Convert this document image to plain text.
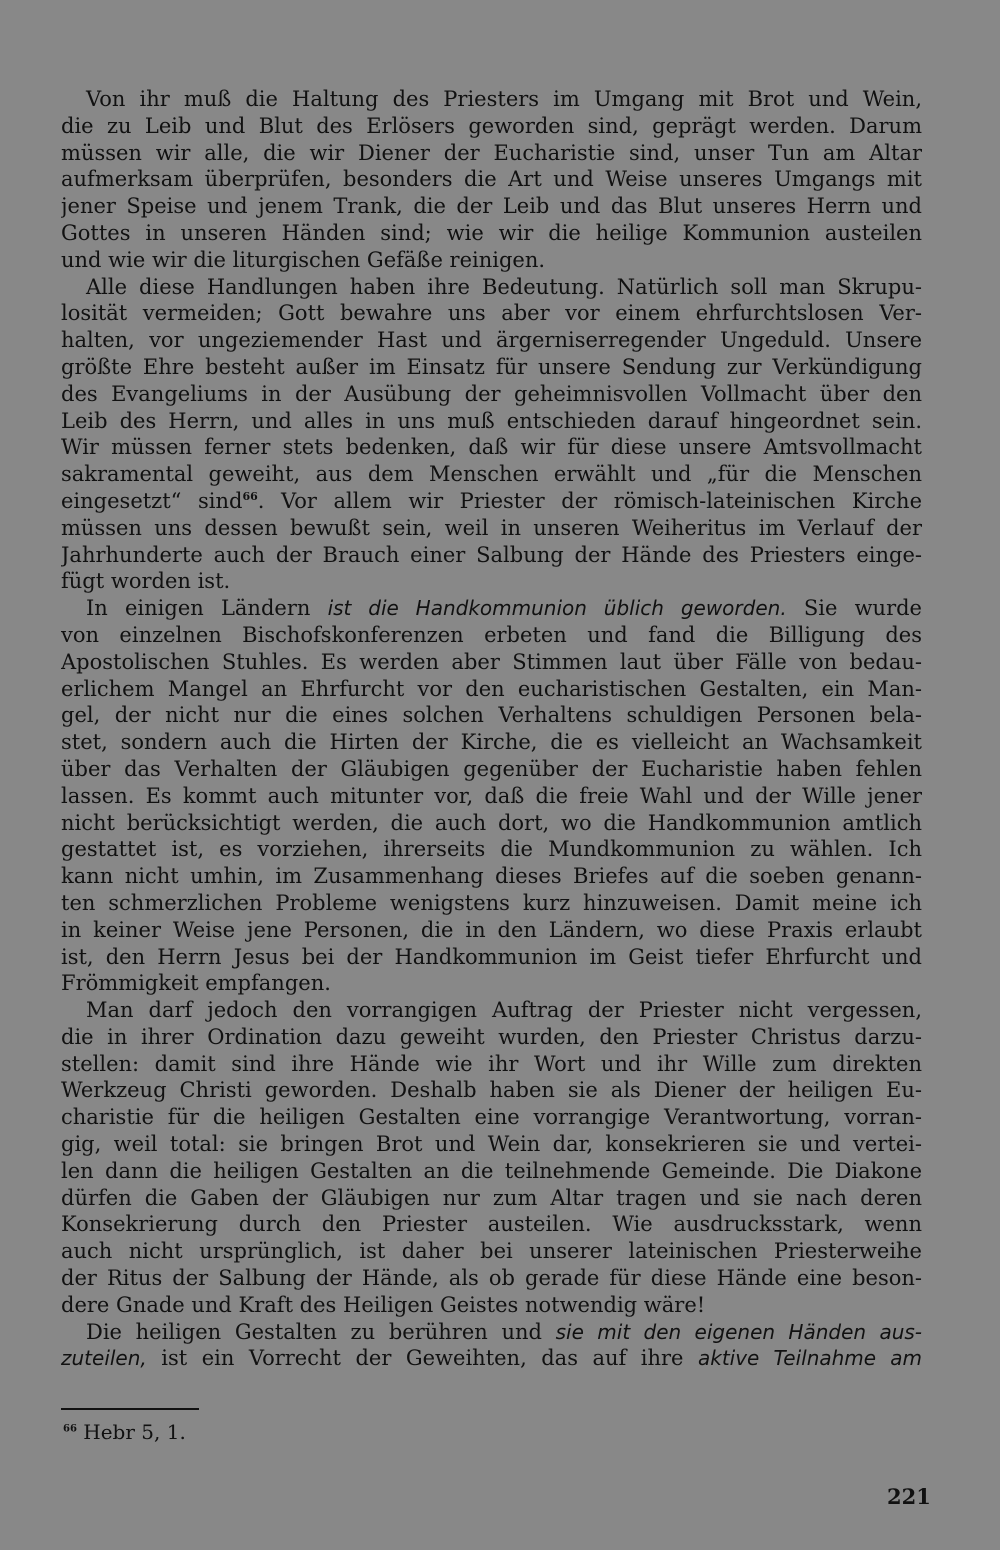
Von ihr muß die Haltung des Priesters im Umgang mit Brot und Wein,
die zu Leib und Blut des Erlösers geworden sind, geprägt werden. Darum
müssen wir alle, die wir Diener der Eucharistie sind, unser Tun am Altar
aufmerksam überprüfen, besonders die Art und Weise unseres Umgangs mit
jener Speise und jenem Trank, die der Leib und das Blut unseres Herrn und
Gottes in unseren Händen sind; wie wir die heilige Kommunion austeilen
und wie wir die liturgischen Gefäße reinigen.

Alle diese Handlungen haben ihre Bedeutung. Natürlich soll man Skrupu-
losität vermeiden; Gott bewahre uns aber vor einem ehrfurchtslosen Ver-
halten, vor ungeziemender Hast und ärgerniserregender Ungeduld. Unsere
größte Ehre besteht außer im Einsatz für unsere Sendung zur Verkündigung
des Evangeliums in der Ausübung der geheimnisvollen Vollmacht über den
Leib des Herrn, und alles in uns muß entschieden darauf hingeordnet sein.
Wir müssen ferner stets bedenken, daß wir für diese unsere Amtsvollmacht
sakramental geweiht, aus dem Menschen erwählt und „für die Menschen
eingesetzt“ sind$^{66}$. Vor allem wir Priester der römisch-lateinischen Kirche
müssen uns dessen bewußt sein, weil in unseren Weiheritus im Verlauf der
Jahrhunderte auch der Brauch einer Salbung der Hände des Priesters einge-
fügt worden ist.

In einigen Ländern ist die Handkommunion üblich geworden. Sie wurde
von einzelnen Bischofskonferenzen erbeten und fand die Billigung des
Apostolischen Stuhles. Es werden aber Stimmen laut über Fälle von bedau-
erlichem Mangel an Ehrfurcht vor den eucharistischen Gestalten, ein Man-
gel, der nicht nur die eines solchen Verhaltens schuldigen Personen bela-
stet, sondern auch die Hirten der Kirche, die es vielleicht an Wachsamkeit
über das Verhalten der Gläubigen gegenüber der Eucharistie haben fehlen
lassen. Es kommt auch mitunter vor, daß die freie Wahl und der Wille jener
nicht berücksichtigt werden, die auch dort, wo die Handkommunion amtlich
gestattet ist, es vorziehen, ihrerseits die Mundkommunion zu wählen. Ich
kann nicht umhin, im Zusammenhang dieses Briefes auf die soeben genann-
ten schmerzlichen Probleme wenigstens kurz hinzuweisen. Damit meine ich
in keiner Weise jene Personen, die in den Ländern, wo diese Praxis erlaubt
ist, den Herrn Jesus bei der Handkommunion im Geist tiefer Ehrfurcht und
Frömmigkeit empfangen.

Man darf jedoch den vorrangigen Auftrag der Priester nicht vergessen,
die in ihrer Ordination dazu geweiht wurden, den Priester Christus darzu-
stellen: damit sind ihre Hände wie ihr Wort und ihr Wille zum direkten
Werkzeug Christi geworden. Deshalb haben sie als Diener der heiligen Eu-
charistie für die heiligen Gestalten eine vorrangige Verantwortung, vorran-
gig, weil total: sie bringen Brot und Wein dar, konsekrieren sie und vertei-
len dann die heiligen Gestalten an die teilnehmende Gemeinde. Die Diakone
dürfen die Gaben der Gläubigen nur zum Altar tragen und sie nach deren
Konsekrierung durch den Priester austeilen. Wie ausdrucksstark, wenn
auch nicht ursprünglich, ist daher bei unserer lateinischen Priesterweihe
der Ritus der Salbung der Hände, als ob gerade für diese Hände eine beson-
dere Gnade und Kraft des Heiligen Geistes notwendig wäre!

Die heiligen Gestalten zu berühren und sie mit den eigenen Händen aus-
zuteilen, ist ein Vorrecht der Geweihten, das auf ihre aktive Teilnahme am

$^{66}$ Hebr 5, 1.
221
